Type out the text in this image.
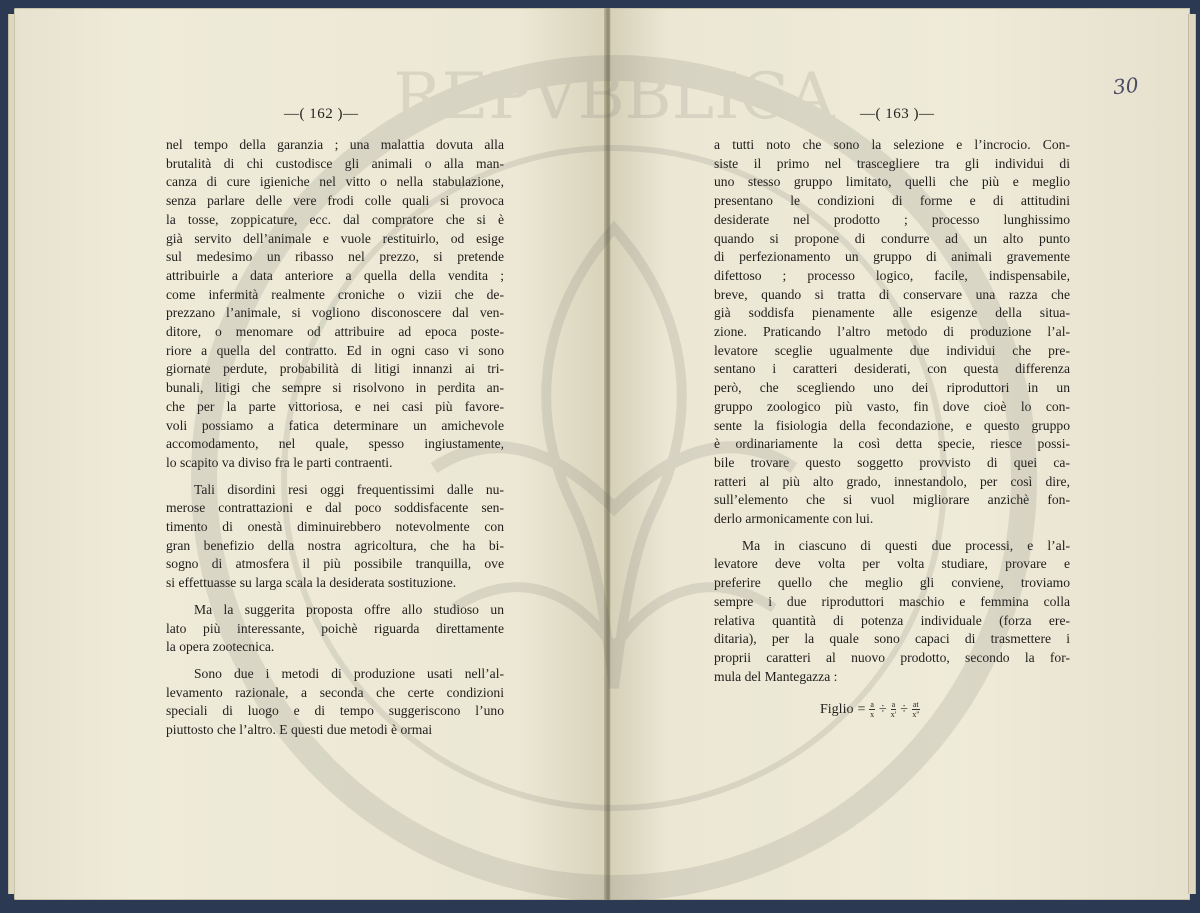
—( 162 )—

nel tempo della garanzia ; una malattia dovuta alla
brutalità di chi custodisce gli animali o alla man-
canza di cure igieniche nel vitto o nella stabulazione,
senza parlare delle vere frodi colle quali si provoca
la tosse, zoppicature, ecc. dal compratore che si è
già servito dell’animale e vuole restituirlo, od esige
sul medesimo un ribasso nel prezzo, si pretende
attribuirle a data anteriore a quella della vendita ;
come infermità realmente croniche o vizii che de-
prezzano l’animale, si vogliono disconoscere dal ven-
ditore, o menomare od attribuire ad epoca poste-
riore a quella del contratto. Ed in ogni caso vi sono
giornate perdute, probabilità di litigi innanzi ai tri-
bunali, litigi che sempre si risolvono in perdita an-
che per la parte vittoriosa, e nei casi più favore-
voli possiamo a fatica determinare un amichevole
accomodamento, nel quale, spesso ingiustamente,
lo scapito va diviso fra le parti contraenti.

Tali disordini resi oggi frequentissimi dalle nu-
merose contrattazioni e dal poco soddisfacente sen-
timento di onestà diminuirebbero notevolmente con
gran benefizio della nostra agricoltura, che ha bi-
sogno di atmosfera il più possibile tranquilla, ove
si effettuasse su larga scala la desiderata sostituzione.

Ma la suggerita proposta offre allo studioso un
lato più interessante, poichè riguarda direttamente
la opera zootecnica.

Sono due i metodi di produzione usati nell’al-
levamento razionale, a seconda che certe condizioni
speciali di luogo e di tempo suggeriscono l’uno
piuttosto che l’altro. E questi due metodi è ormai

30
—( 163 )—

a tutti noto che sono la selezione e l’incrocio. Con-
siste il primo nel trascegliere tra gli individui di
uno stesso gruppo limitato, quelli che più e meglio
presentano le condizioni di forme e di attitudini
desiderate nel prodotto ; processo lunghissimo
quando si propone di condurre ad un alto punto
di perfezionamento un gruppo di animali gravemente
difettoso ; processo logico, facile, indispensabile,
breve, quando si tratta di conservare una razza che
già soddisfa pienamente alle esigenze della situa-
zione. Praticando l’altro metodo di produzione l’al-
levatore sceglie ugualmente due individui che pre-
sentano i caratteri desiderati, con questa differenza
però, che scegliendo uno dei riproduttori in un
gruppo zoologico più vasto, fin dove cioè lo con-
sente la fisiologia della fecondazione, e questo gruppo
è ordinariamente la così detta specie, riesce possi-
bile trovare questo soggetto provvisto di quei ca-
ratteri al più alto grado, innestandolo, per così dire,
sull’elemento che si vuol migliorare anzichè fon-
derlo armonicamente con lui.

Ma in ciascuno di questi due processi, e l’al-
levatore deve volta per volta studiare, provare e
preferire quello che meglio gli conviene, troviamo
sempre i due riproduttori maschio e femmina colla
relativa quantità di potenza individuale (forza ere-
ditaria), per la quale sono capaci di trasmettere i
proprii caratteri al nuovo prodotto, secondo la for-
mula del Mantegazza :

Figlio = $\frac{a}{x} \div \frac{a}{x'} \div \frac{at}{x''}$
